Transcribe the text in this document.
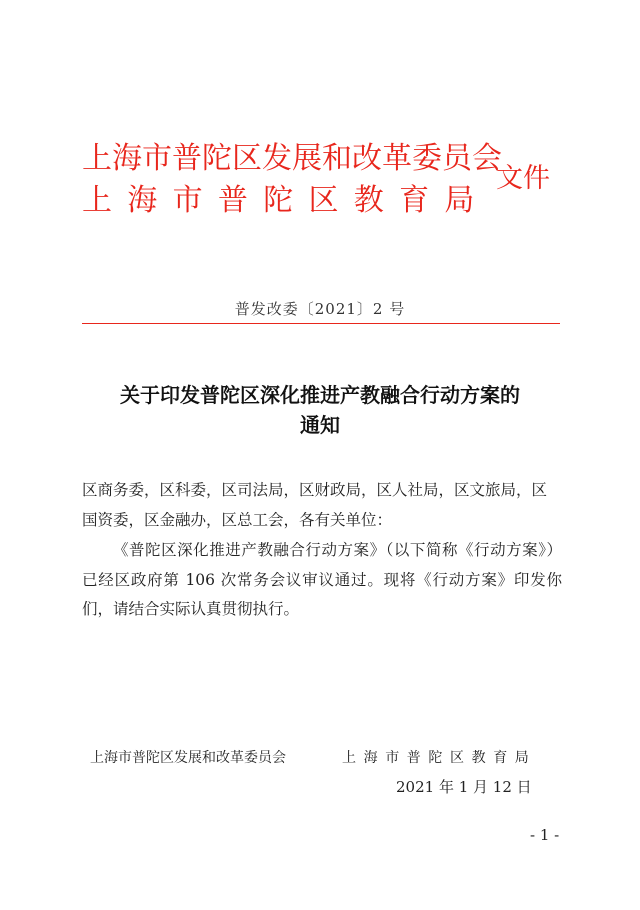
上海市普陀区发展和改革委员会
上海市普陀区教育局
文件
普发改委〔2021〕2 号
关于印发普陀区深化推进产教融合行动方案的
通知
区商务委，区科委，区司法局，区财政局，区人社局，区文旅局，区国资委，区金融办，区总工会，各有关单位：
《普陀区深化推进产教融合行动方案》（以下简称《行动方案》）已经区政府第 106 次常务会议审议通过。现将《行动方案》印发你们，请结合实际认真贯彻执行。
上海市普陀区发展和改革委员会	上海市普陀区教育局
2021 年 1 月 12 日
- 1 -
